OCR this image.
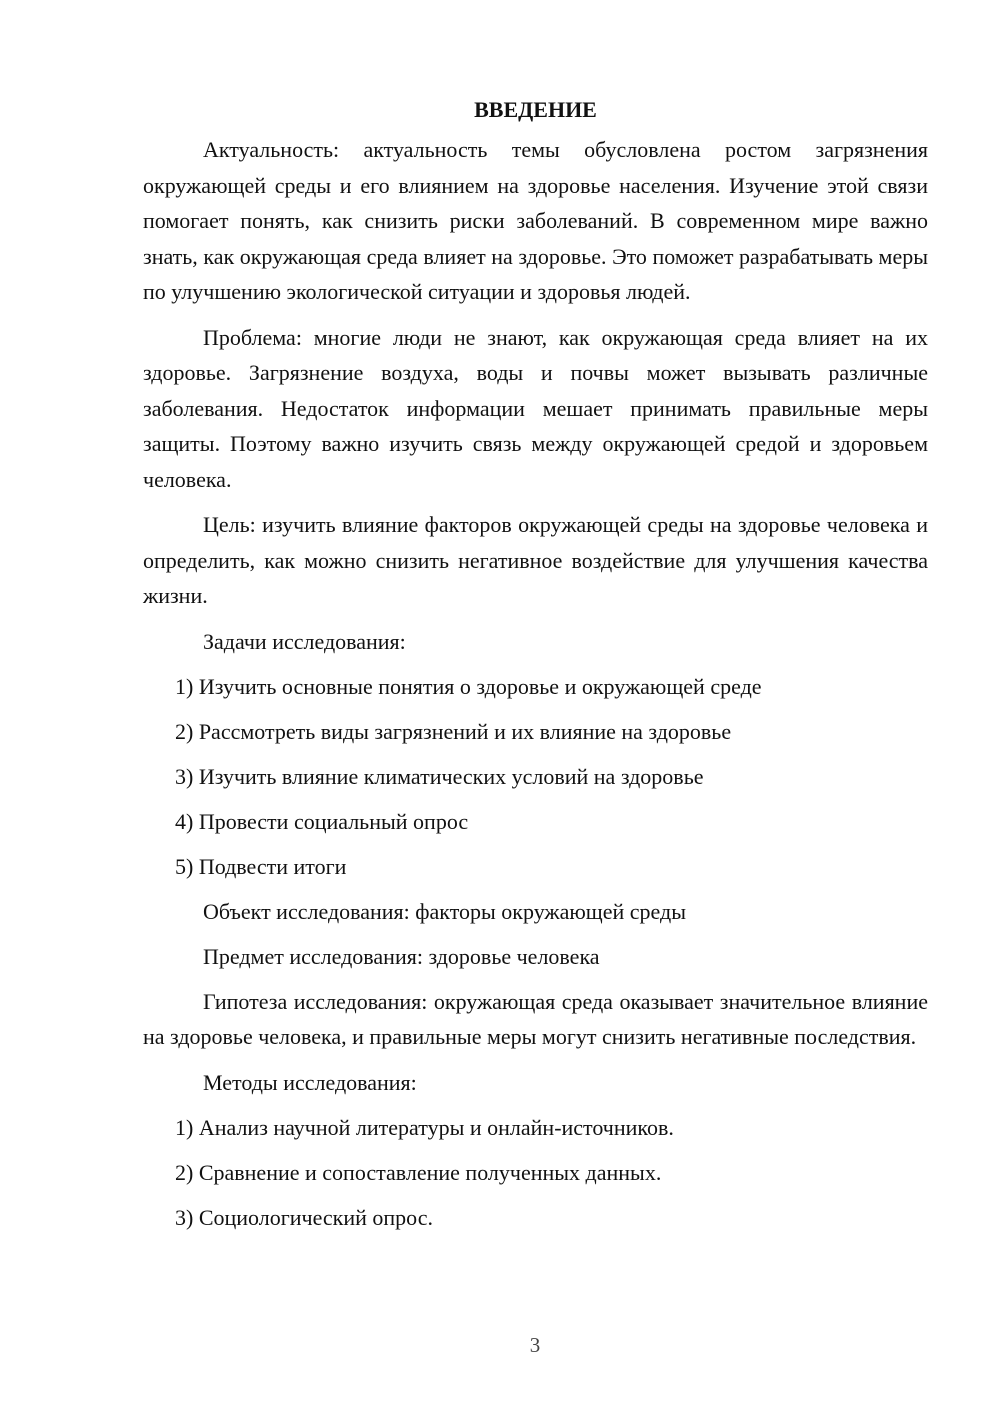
ВВЕДЕНИЕ

Актуальность: актуальность темы обусловлена ростом загрязнения окружающей среды и его влиянием на здоровье населения. Изучение этой связи помогает понять, как снизить риски заболеваний. В современном мире важно знать, как окружающая среда влияет на здоровье. Это поможет разрабатывать меры по улучшению экологической ситуации и здоровья людей.

Проблема: многие люди не знают, как окружающая среда влияет на их здоровье. Загрязнение воздуха, воды и почвы может вызывать различные заболевания. Недостаток информации мешает принимать правильные меры защиты. Поэтому важно изучить связь между окружающей средой и здоровьем человека.

Цель: изучить влияние факторов окружающей среды на здоровье человека и определить, как можно снизить негативное воздействие для улучшения качества жизни.

Задачи исследования:
1) Изучить основные понятия о здоровье и окружающей среде
2) Рассмотреть виды загрязнений и их влияние на здоровье
3) Изучить влияние климатических условий на здоровье
4) Провести социальный опрос
5) Подвести итоги
Объект исследования: факторы окружающей среды
Предмет исследования: здоровье человека

Гипотеза исследования: окружающая среда оказывает значительное влияние на здоровье человека, и правильные меры могут снизить негативные последствия.

Методы исследования:
1) Анализ научной литературы и онлайн-источников.
2) Сравнение и сопоставление полученных данных.
3) Социологический опрос.
3
